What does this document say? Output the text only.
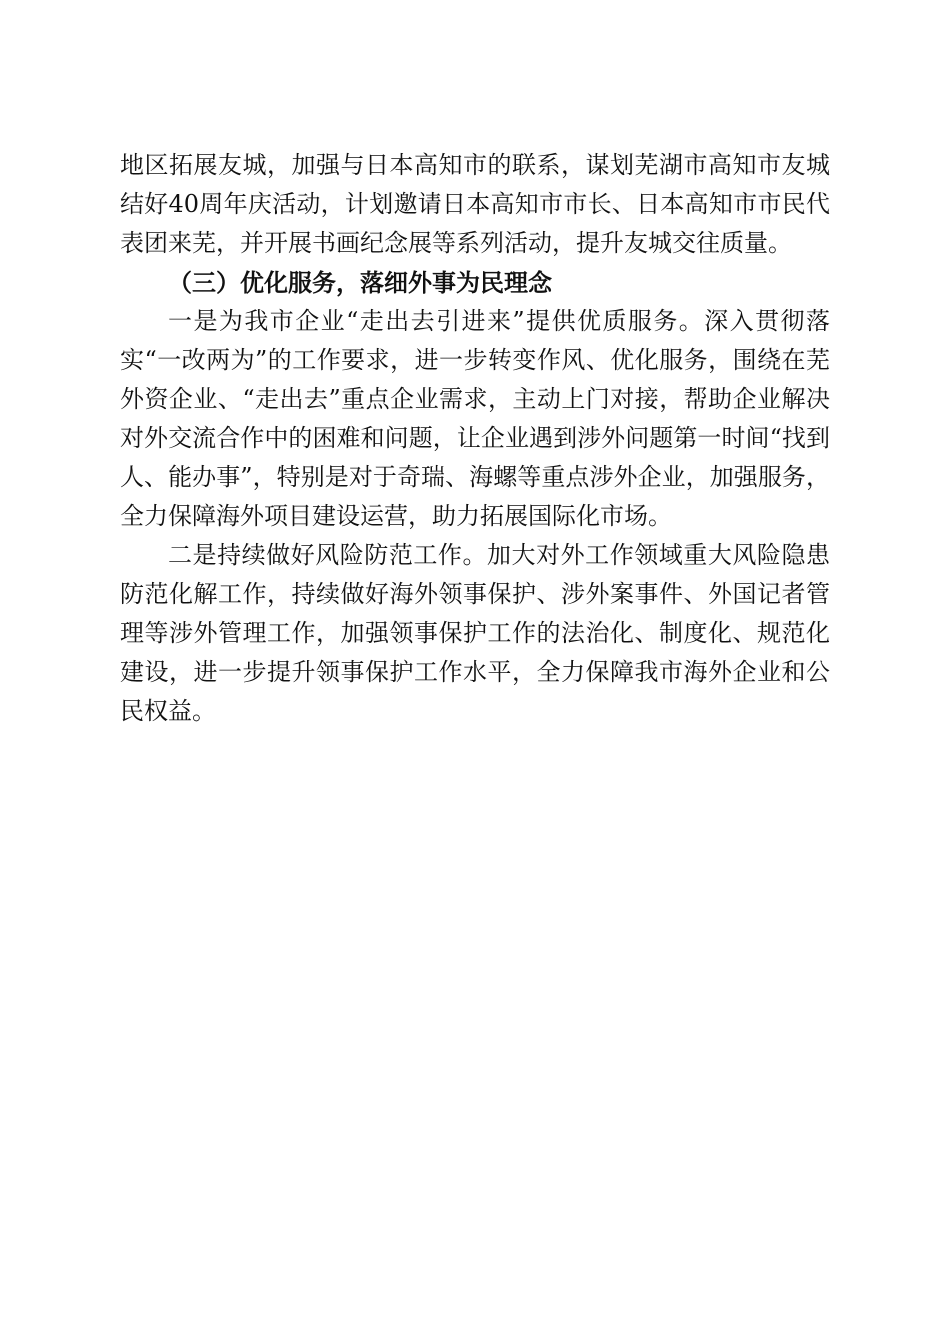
地区拓展友城，加强与日本高知市的联系，谋划芜湖市高知市友城结好40周年庆活动，计划邀请日本高知市市长、日本高知市市民代表团来芜，并开展书画纪念展等系列活动，提升友城交往质量。

（三）优化服务，落细外事为民理念

一是为我市企业“走出去引进来”提供优质服务。深入贯彻落实“一改两为”的工作要求，进一步转变作风、优化服务，围绕在芜外资企业、“走出去”重点企业需求，主动上门对接，帮助企业解决对外交流合作中的困难和问题，让企业遇到涉外问题第一时间“找到人、能办事”，特别是对于奇瑞、海螺等重点涉外企业，加强服务，全力保障海外项目建设运营，助力拓展国际化市场。

二是持续做好风险防范工作。加大对外工作领域重大风险隐患防范化解工作，持续做好海外领事保护、涉外案事件、外国记者管理等涉外管理工作，加强领事保护工作的法治化、制度化、规范化建设，进一步提升领事保护工作水平，全力保障我市海外企业和公民权益。
